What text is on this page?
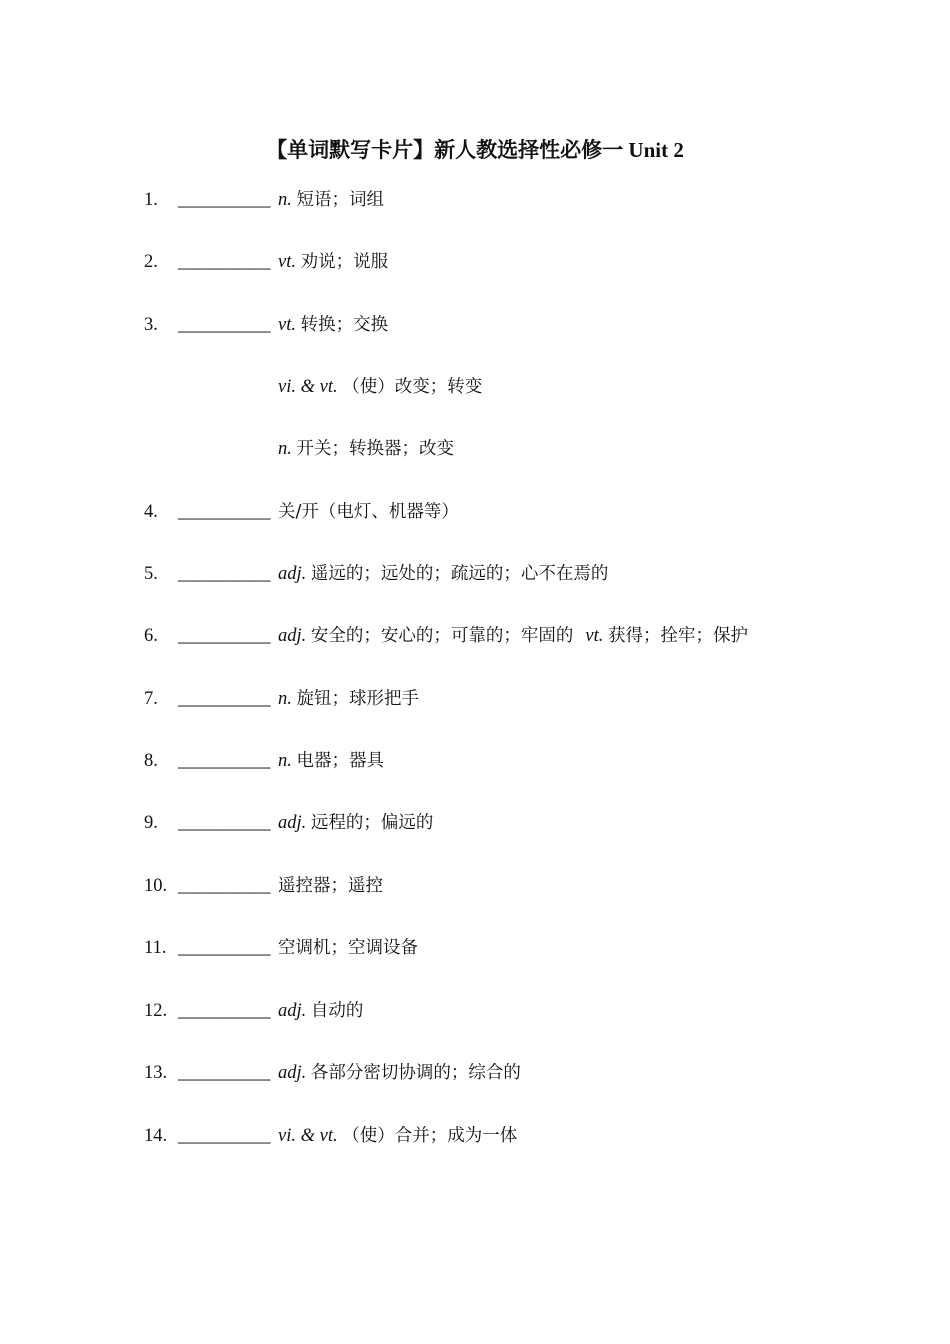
【单词默写卡片】新人教选择性必修一 Unit 2
1. __________ n. 短语；词组
2. __________ vt. 劝说；说服
3. __________ vt. 转换；交换
vi. & vt. （使）改变；转变
n. 开关；转换器；改变
4. __________ 关/开（电灯、机器等）
5. __________ adj. 遥远的；远处的；疏远的；心不在焉的
6. __________ adj. 安全的；安心的；可靠的；牢固的 vt. 获得；拴牢；保护
7. __________ n. 旋钮；球形把手
8. __________ n. 电器；器具
9. __________ adj. 远程的；偏远的
10. __________ 遥控器；遥控
11. __________ 空调机；空调设备
12. __________ adj. 自动的
13. __________ adj. 各部分密切协调的；综合的
14. __________ vi. & vt. （使）合并；成为一体
